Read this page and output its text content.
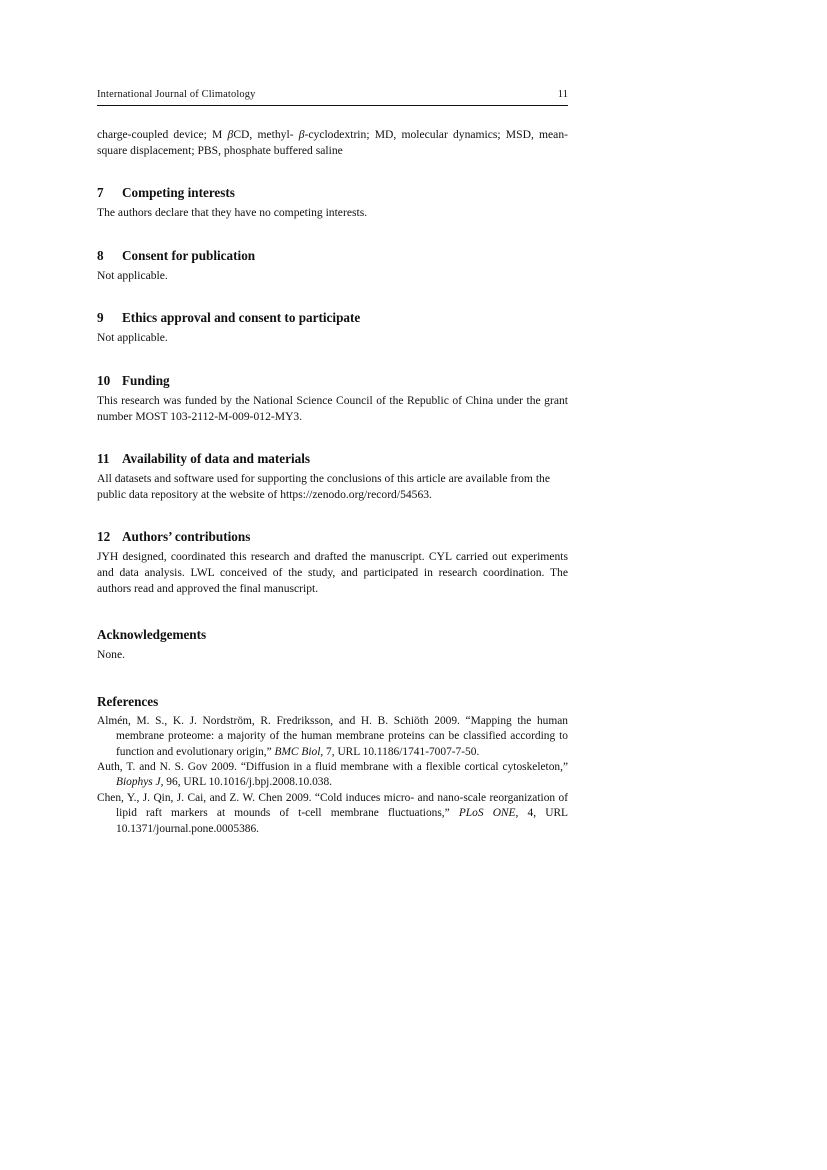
International Journal of Climatology	11

charge-coupled device; M βCD, methyl- β-cyclodextrin; MD, molecular dynamics; MSD, mean-square displacement; PBS, phosphate buffered saline

7	Competing interests

The authors declare that they have no competing interests.

8	Consent for publication

Not applicable.

9	Ethics approval and consent to participate

Not applicable.

10 Funding

This research was funded by the National Science Council of the Republic of China under the grant number MOST 103-2112-M-009-012-MY3.

11 Availability of data and materials

All datasets and software used for supporting the conclusions of this article are available from the public data repository at the website of https://zenodo.org/record/54563.

12 Authors’ contributions

JYH designed, coordinated this research and drafted the manuscript. CYL carried out experiments and data analysis. LWL conceived of the study, and participated in research coordination. The authors read and approved the final manuscript.

Acknowledgements

None.

References

Almén, M. S., K. J. Nordström, R. Fredriksson, and H. B. Schiöth 2009. “Mapping the human membrane proteome: a majority of the human membrane proteins can be classified according to function and evolutionary origin,” BMC Biol, 7, URL 10.1186/1741-7007-7-50.

Auth, T. and N. S. Gov 2009. “Diffusion in a fluid membrane with a flexible cortical cytoskeleton,” Biophys J, 96, URL 10.1016/j.bpj.2008.10.038.

Chen, Y., J. Qin, J. Cai, and Z. W. Chen 2009. “Cold induces micro- and nano-scale reorganization of lipid raft markers at mounds of t-cell membrane fluctuations,” PLoS ONE, 4, URL 10.1371/journal.pone.0005386.
